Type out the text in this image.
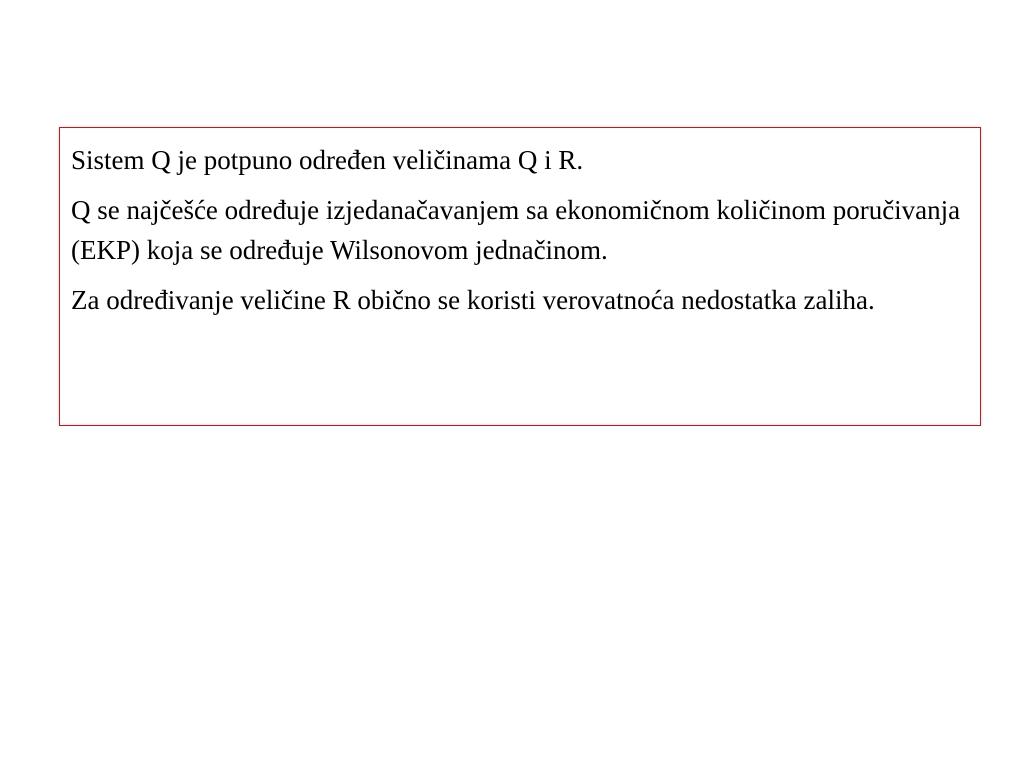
Sistem Q je potpuno određen veličinama Q i R.

Q se najčešće određuje izjedanačavanjem sa ekonomičnom količinom poručivanja (EKP) koja se određuje Wilsonovom jednačinom.

Za određivanje veličine R obično se koristi verovatnoća nedostatka zaliha.
